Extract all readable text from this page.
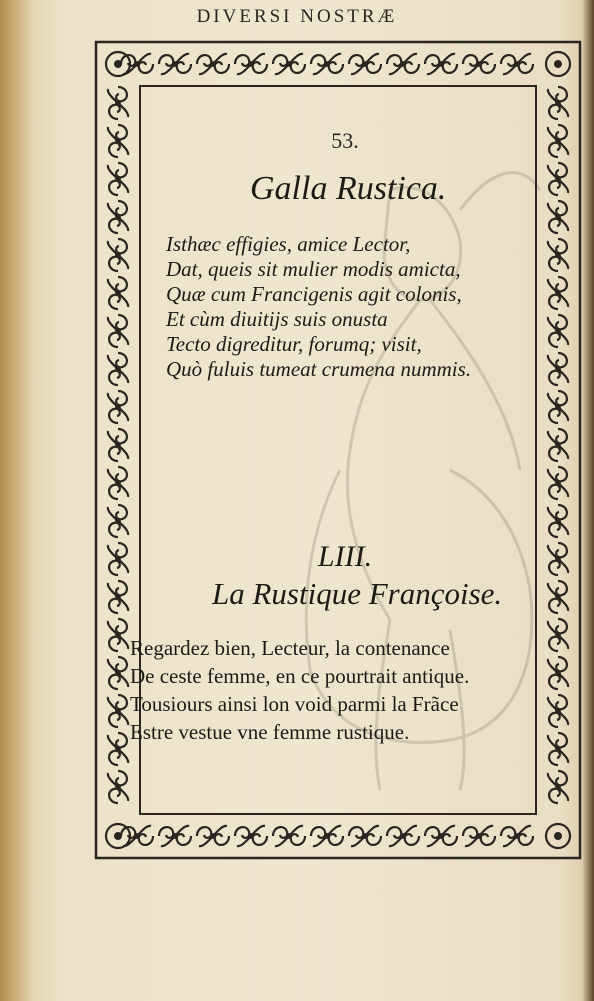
DIVERSI NOSTRÆ
53.
Galla Rustica.
Isthæc effigies, amice Lector,
Dat, queis sit mulier modis amicta,
Quæ cum Francigenis agit colonis,
Et cùm diuitijs suis onusta
Tecto digreditur, forumq; visit,
Quò fuluis tumeat crumena nummis.
LIII.
La Rustique Françoise.
Regardez bien, Lecteur, la contenance
De ceste femme, en ce pourtrait antique.
Tousiours ainsi lon void parmi la Frãce
Estre vestue vne femme rustique.
